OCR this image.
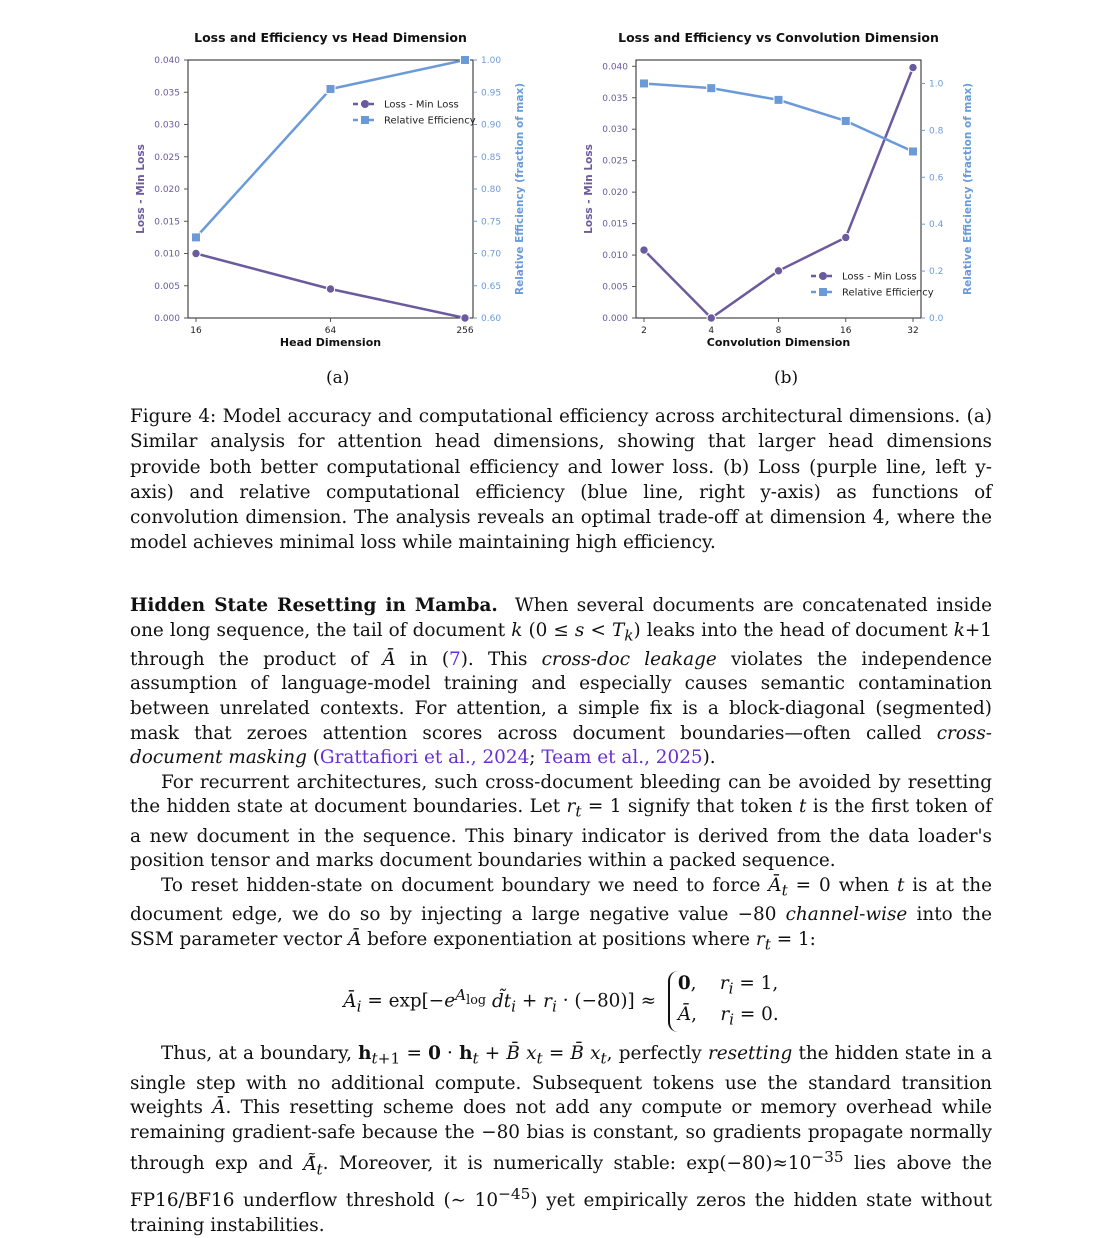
0.000
0.005
0.010
0.015
0.020
0.025
0.030
0.035
0.040
0.60
0.65
0.70
0.75
0.80
0.85
0.90
0.95
1.00
16	64	256
Head Dimension
Loss - Min Loss	Relative Efficiency (fraction of max)
Loss - Min Loss
Relative Efficiency
Loss and Efficiency vs Head Dimension
0.000
0.005
0.010
0.015
0.020
0.025
0.030
0.035
0.040
0.0
0.2
0.4
0.6
0.8
1.0
2	4	8	16	32
Convolution Dimension
Loss - Min Loss	Relative Efficiency (fraction of max)
Loss - Min Loss
Relative Efficiency
Loss and Efficiency vs Convolution Dimension
(a)	(b)
Figure 4: Model accuracy and computational efficiency across architectural dimensions. (a) Similar analysis for attention head dimensions, showing that larger head dimensions provide both better computational efficiency and lower loss. (b) Loss (purple line, left y-axis) and relative computational efficiency (blue line, right y-axis) as functions of convolution dimension. The analysis reveals an optimal trade-off at dimension 4, where the model achieves minimal loss while maintaining high efficiency.

Hidden State Resetting in Mamba. When several documents are concatenated inside one long sequence, the tail of document k $(0 \le s < T_k)$ leaks into the head of document k+1 through the product of Ā in (7). This cross-doc leakage violates the independence assumption of language-model training and especially causes semantic contamination between unrelated contexts. For attention, a simple fix is a block-diagonal (segmented) mask that zeroes attention scores across document boundaries—often called cross-document masking (Grattafiori et al., 2024; Team et al., 2025).

For recurrent architectures, such cross-document bleeding can be avoided by resetting the hidden state at document boundaries. Let $r_t = 1$ signify that token t is the first token of a new document in the sequence. This binary indicator is derived from the data loader's position tensor and marks document boundaries within a packed sequence.

To reset hidden-state on document boundary we need to force $Ā_t = 0$ when t is at the document edge, we do so by injecting a large negative value −80 channel-wise into the SSM parameter vector Ā before exponentiation at positions where $r_t = 1$:

$Ā_i = \exp[-e^{A_{log}}$ $d̃t_i + r_i \cdot (-80)] \approx 0$,    $r_i = 1$,
Ā,    $r_i = 0$.

Thus, at a boundary, $h_{t+1} = 0 \cdot h_t$ + B̄ $x_t$ = B̄ $x_t$, perfectly resetting the hidden state in a single step with no additional compute. Subsequent tokens use the standard transition weights Ā. This resetting scheme does not add any compute or memory overhead while remaining gradient-safe because the −80 bias is constant, so gradients propagate normally through exp and $Ã̄_t$. Moreover, it is numerically stable: $\exp(-80)\approx 10^{-35}$ lies above the FP16/BF16 underflow threshold (∼ $10^{-45}$) yet empirically zeros the hidden state without training instabilities.
